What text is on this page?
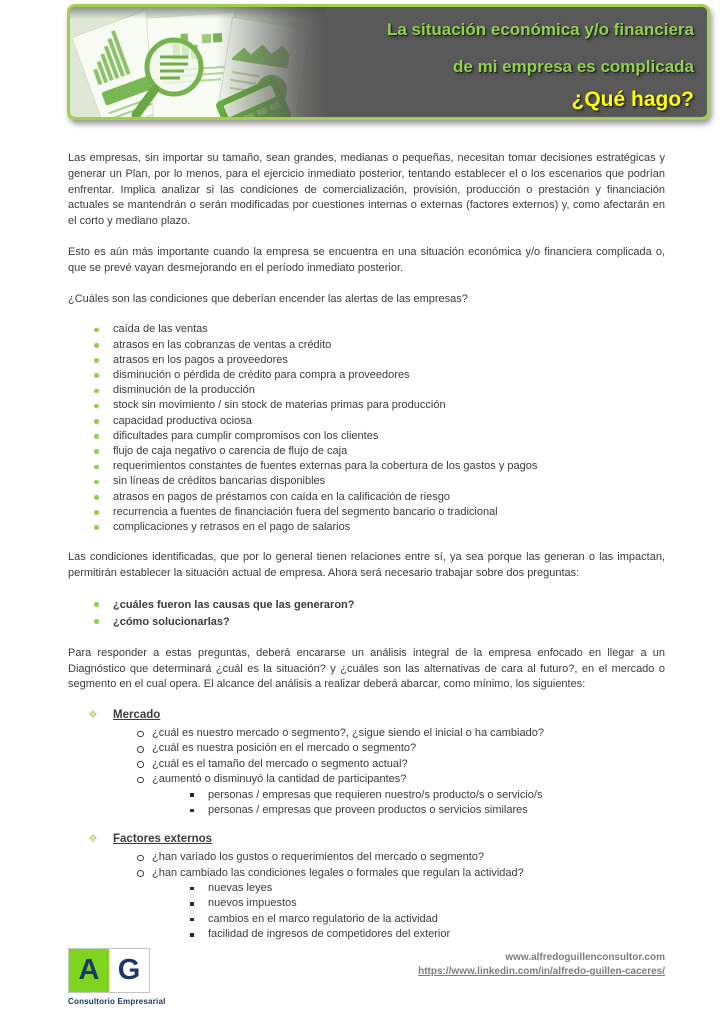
La situación económica y/o financiera
de mi empresa es complicada
¿Qué hago?

Las empresas, sin importar su tamaño, sean grandes, medianas o pequeñas, necesitan tomar decisiones estratégicas y generar un Plan, por lo menos, para el ejercicio inmediato posterior, tentando establecer el o los escenarios que podrían enfrentar. Implica analizar si las condiciones de comercialización, provisión, producción o prestación y financiación actuales se mantendrán o serán modificadas por cuestiones internas o externas (factores externos) y, como afectarán en el corto y mediano plazo.

Esto es aún más importante cuando la empresa se encuentra en una situación económica y/o financiera complicada o, que se prevé vayan desmejorando en el período inmediato posterior.

¿Cuáles son las condiciones que deberían encender las alertas de las empresas?

caída de las ventas
atrasos en las cobranzas de ventas a crédito
atrasos en los pagos a proveedores
disminución o pérdida de crédito para compra a proveedores
disminución de la producción
stock sin movimiento / sin stock de materias primas para producción
capacidad productiva ociosa
dificultades para cumplir compromisos con los clientes
flujo de caja negativo o carencia de flujo de caja
requerimientos constantes de fuentes externas para la cobertura de los gastos y pagos
sin líneas de créditos bancarias disponibles
atrasos en pagos de préstamos con caída en la calificación de riesgo
recurrencia a fuentes de financiación fuera del segmento bancario o tradicional
complicaciones y retrasos en el pago de salarios

Las condiciones identificadas, que por lo general tienen relaciones entre sí, ya sea porque las generan o las impactan, permitirán establecer la situación actual de empresa. Ahora será necesario trabajar sobre dos preguntas:

¿cuáles fueron las causas que las generaron?
¿cómo solucionarlas?

Para responder a estas preguntas, deberá encararse un análisis integral de la empresa enfocado en llegar a un Diagnóstico que determinará ¿cuál es la situación? y ¿cuáles son las alternativas de cara al futuro?, en el mercado o segmento en el cual opera. El alcance del análisis a realizar deberá abarcar, como mínimo, los siguientes:

❖
Mercado
¿cuál es nuestro mercado o segmento?, ¿sigue siendo el inicial o ha cambiado?
¿cuál es nuestra posición en el mercado o segmento?
¿cuál es el tamaño del mercado o segmento actual?
¿aumentó o disminuyó la cantidad de participantes?
personas / empresas que requieren nuestro/s producto/s o servicio/s
personas / empresas que proveen productos o servicios similares
❖
Factores externos
¿han variado los gustos o requerimientos del mercado o segmento?
¿han cambiado las condiciones legales o formales que regulan la actividad?
nuevas leyes
nuevos impuestos
cambios en el marco regulatorio de la actividad
facilidad de ingresos de competidores del exterior
A G
Consultorio Empresarial
www.alfredoguillenconsultor.com
https://www.linkedin.com/in/alfredo-guillen-caceres/
